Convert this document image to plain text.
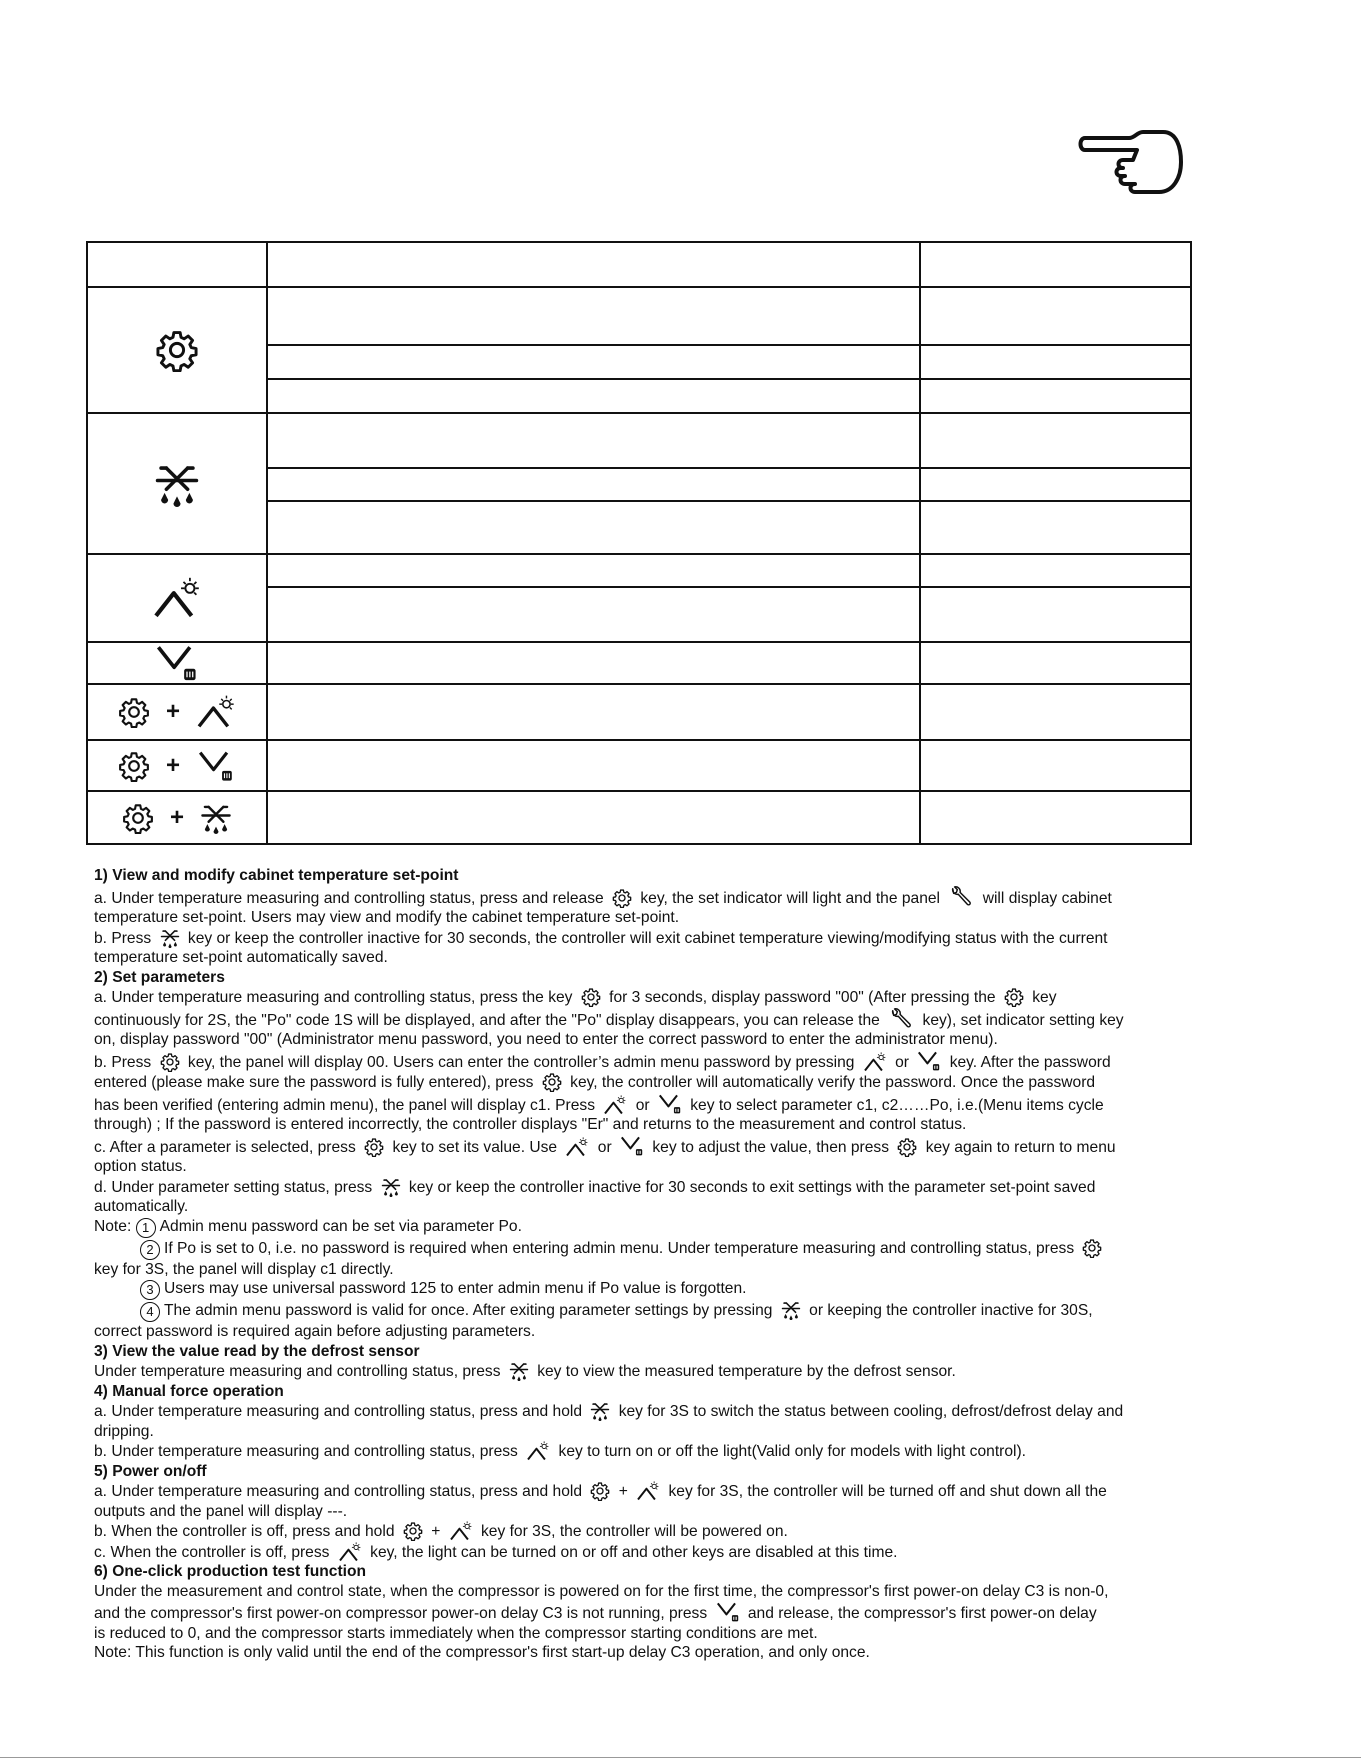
+		
+		
+		

1) View and modify cabinet temperature set-point

a. Under temperature measuring and controlling status, press and release key, the set indicator will light and the panel	will display cabinet

temperature set-point. Users may view and modify the cabinet temperature set-point.

b. Press key or keep the controller inactive for 30 seconds, the controller will exit cabinet temperature viewing/modifying status with the current

temperature set-point automatically saved.

2) Set parameters

a. Under temperature measuring and controlling status, press the key for 3 seconds, display password "00" (After pressing the key

continuously for 2S, the "Po" code 1S will be displayed, and after the "Po" display disappears, you can release the	key), set indicator setting key

on, display password "00" (Administrator menu password, you need to enter the correct password to enter the administrator menu).

b. Press key, the panel will display 00. Users can enter the controller’s admin menu password by pressing	or	key. After the password

entered (please make sure the password is fully entered), press key, the controller will automatically verify the password. Once the password

has been verified (entering admin menu), the panel will display c1. Press	or	key to select parameter c1, c2……Po, i.e.(Menu items cycle

through) ; If the password is entered incorrectly, the controller displays "Er" and returns to the measurement and control status.

c. After a parameter is selected, press key to set its value. Use	or	key to adjust the value, then press key again to return to menu

option status.

d. Under parameter setting status, press key or keep the controller inactive for 30 seconds to exit settings with the parameter set-point saved

automatically.

Note: 1 Admin menu password can be set via parameter Po.

2 If Po is set to 0, i.e. no password is required when entering admin menu. Under temperature measuring and controlling status, press

key for 3S, the panel will display c1 directly.

3 Users may use universal password 125 to enter admin menu if Po value is forgotten.

4 The admin menu password is valid for once. After exiting parameter settings by pressing or keeping the controller inactive for 30S,

correct password is required again before adjusting parameters.

3) View the value read by the defrost sensor

Under temperature measuring and controlling status, press key to view the measured temperature by the defrost sensor.

4) Manual force operation

a. Under temperature measuring and controlling status, press and hold key for 3S to switch the status between cooling, defrost/defrost delay and

dripping.

b. Under temperature measuring and controlling status, press	key to turn on or off the light(Valid only for models with light control).

5) Power on/off

a. Under temperature measuring and controlling status, press and hold +	key for 3S, the controller will be turned off and shut down all the

outputs and the panel will display ---.

b. When the controller is off, press and hold +	key for 3S, the controller will be powered on.

c. When the controller is off, press	key, the light can be turned on or off and other keys are disabled at this time.

6) One-click production test function

Under the measurement and control state, when the compressor is powered on for the first time, the compressor's first power-on delay C3 is non-0,

and the compressor's first power-on compressor power-on delay C3 is not running, press	and release, the compressor's first power-on delay

is reduced to 0, and the compressor starts immediately when the compressor starting conditions are met.

Note: This function is only valid until the end of the compressor's first start-up delay C3 operation, and only once.
